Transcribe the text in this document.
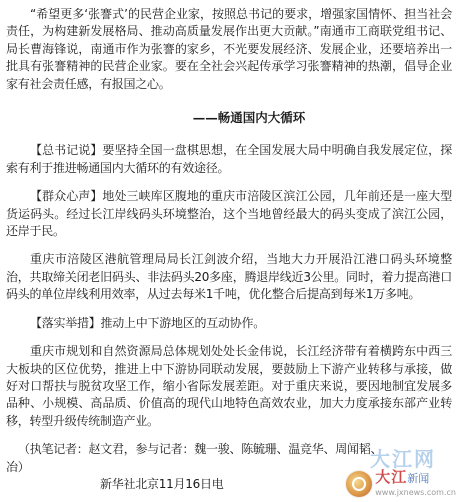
“希望更多‘张謇式’的民营企业家，按照总书记的要求，增强家国情怀、担当社会责任，为构建新发展格局、推动高质量发展作出更大贡献。”南通市工商联党组书记、局长曹海锋说，南通市作为张謇的家乡，不光要发展经济、发展企业，还要培养出一批具有张謇精神的民营企业家。要在全社会兴起传承学习张謇精神的热潮，倡导企业家有社会责任感，有报国之心。

——畅通国内大循环

【总书记说】要坚持全国一盘棋思想，在全国发展大局中明确自我发展定位，探索有利于推进畅通国内大循环的有效途径。

【群众心声】地处三峡库区腹地的重庆市涪陵区滨江公园，几年前还是一座大型货运码头。经过长江岸线码头环境整治，这个当地曾经最大的码头变成了滨江公园，还岸于民。

重庆市涪陵区港航管理局局长江剑波介绍，当地大力开展沿江港口码头环境整治，共取缔关闭老旧码头、非法码头20多座，腾退岸线近3公里。同时，着力提高港口码头的单位岸线利用效率，从过去每米1千吨，优化整合后提高到每米1万多吨。

【落实举措】推动上中下游地区的互动协作。

重庆市规划和自然资源局总体规划处处长金伟说，长江经济带有着横跨东中西三大板块的区位优势，推进上中下游协同联动发展，要鼓励上下游产业转移与承接，做好对口帮扶与脱贫攻坚工作，缩小省际发展差距。对于重庆来说，要因地制宜发展多品种、小规模、高品质、价值高的现代山地特色高效农业，加大力度承接东部产业转移，转型升级传统制造产业。

（执笔记者：赵文君，参与记者：魏一骏、陈毓珊、温竞华、周闻韬、

冶）

新华社北京11月16日电

大江网
大江新闻
www.jxnews.com.cn
